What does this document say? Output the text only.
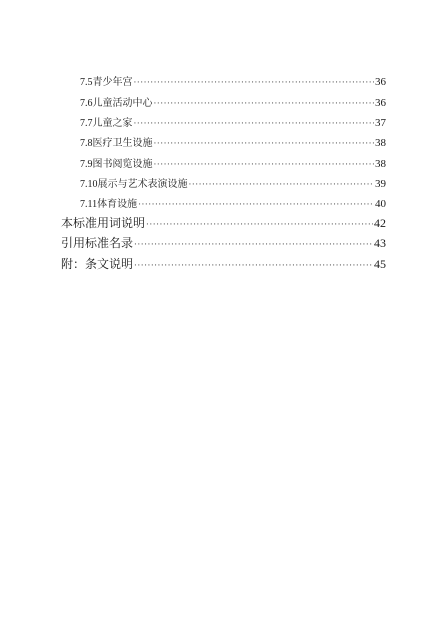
7.5 青少年宫 ·····	36
7.6 儿童活动中心 ·····	36
7.7 儿童之家 ·····	37
7.8 医疗卫生设施 ·····	38
7.9 图书阅览设施 ·····	38
7.10 展示与艺术表演设施 ·····	39
7.11 体育设施 ·····	40
本标准用词说明 ·····	42
引用标准名录 ·····	43
附：条文说明 ·····	45
